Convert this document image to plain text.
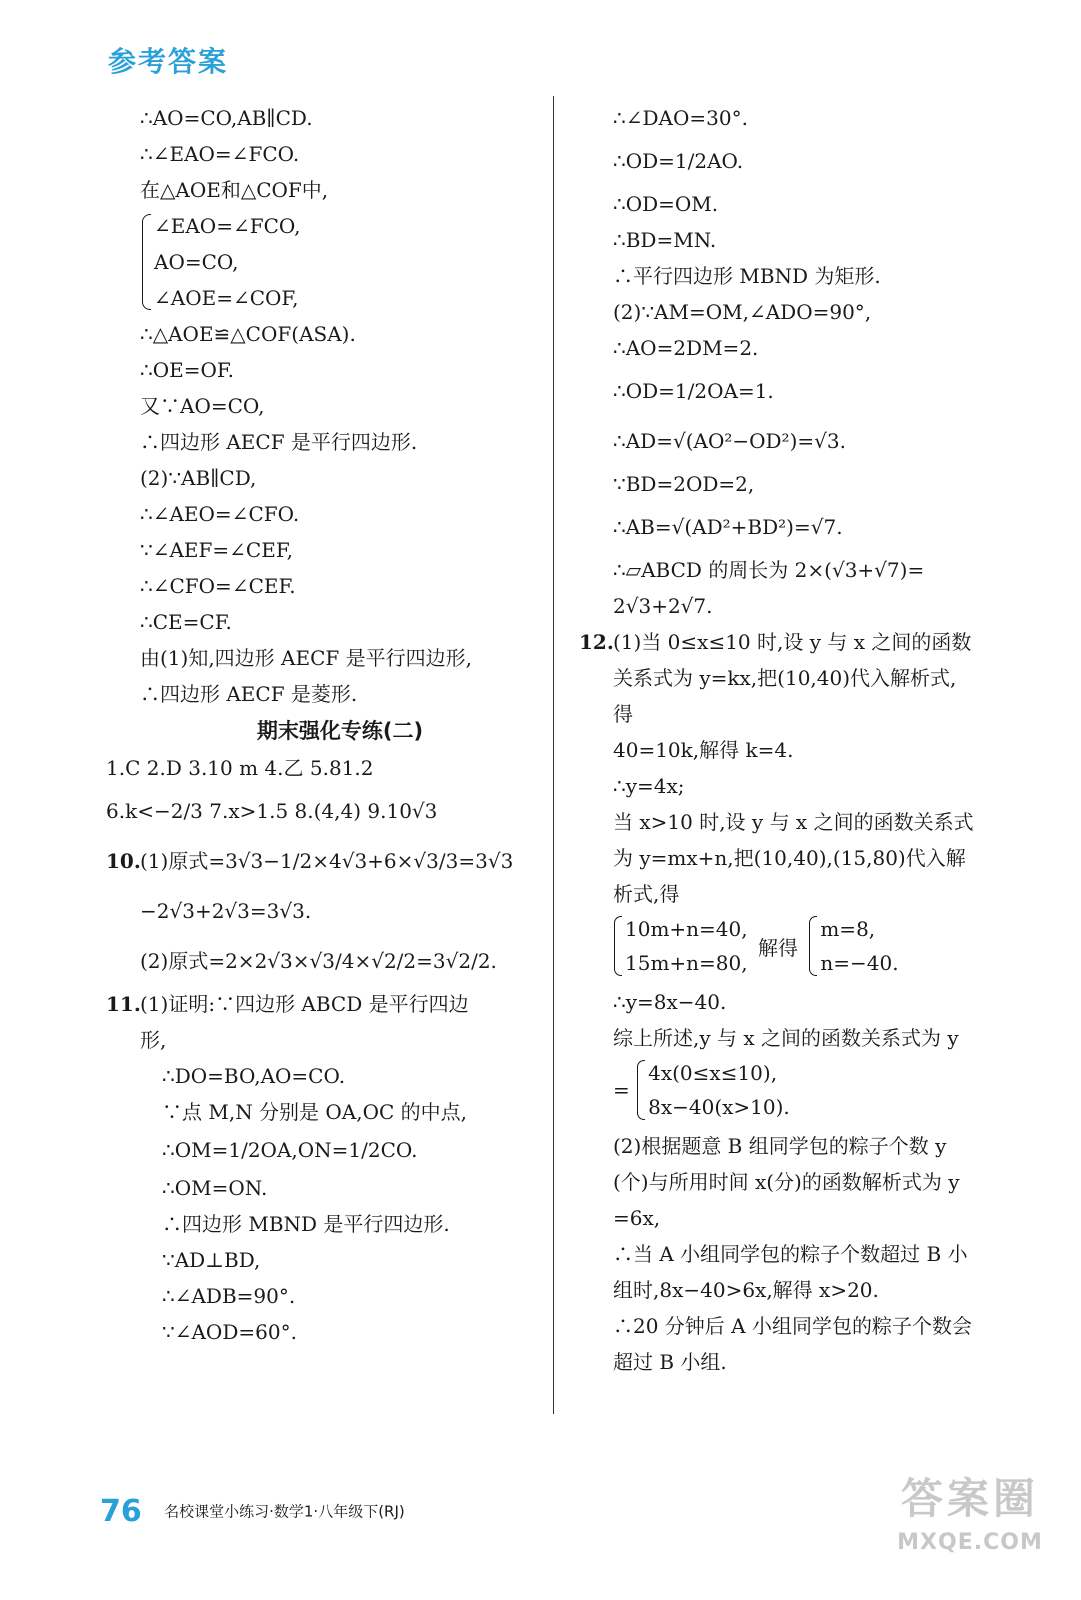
参考答案
∴AO=CO,AB∥CD.
∴∠EAO=∠FCO.
在△AOE和△COF中,
∠EAO=∠FCO,
AO=CO,
∠AOE=∠COF,
∴△AOE≌△COF(ASA).
∴OE=OF.
又∵AO=CO,
∴四边形 AECF 是平行四边形.
(2)∵AB∥CD,
∴∠AEO=∠CFO.
∵∠AEF=∠CEF,
∴∠CFO=∠CEF.
∴CE=CF.
由(1)知,四边形 AECF 是平行四边形,
∴四边形 AECF 是菱形.
期末强化专练(二)
1.C 2.D 3.10 m 4.乙 5.81.2
6.k<−2/3 7.x>1.5 8.(4,4) 9.10√3
10.(1)原式=3√3−1/2×4√3+6×√3/3=3√3
−2√3+2√3=3√3.
(2)原式=2×2√3×√3/4×√2/2=3√2/2.
11.(1)证明:∵四边形 ABCD 是平行四边
形,
∴DO=BO,AO=CO.
∵点 M,N 分别是 OA,OC 的中点,
∴OM=1/2OA,ON=1/2CO.
∴OM=ON.
∴四边形 MBND 是平行四边形.
∵AD⊥BD,
∴∠ADB=90°.
∵∠AOD=60°.
∴∠DAO=30°.
∴OD=1/2AO.
∴OD=OM.
∴BD=MN.
∴平行四边形 MBND 为矩形.
(2)∵AM=OM,∠ADO=90°,
∴AO=2DM=2.
∴OD=1/2OA=1.
∴AD=√(AO²−OD²)=√3.
∵BD=2OD=2,
∴AB=√(AD²+BD²)=√7.
∴▱ABCD 的周长为 2×(√3+√7)=
2√3+2√7.
12.(1)当 0≤x≤10 时,设 y 与 x 之间的函数
关系式为 y=kx,把(10,40)代入解析式,
得
40=10k,解得 k=4.
∴y=4x;
当 x>10 时,设 y 与 x 之间的函数关系式
为 y=mx+n,把(10,40),(15,80)代入解
析式,得
10m+n=40,
15m+n=80,
解得
m=8,
n=−40.
∴y=8x−40.
综上所述,y 与 x 之间的函数关系式为 y
=
4x(0≤x≤10),
8x−40(x>10).
(2)根据题意 B 组同学包的粽子个数 y
(个)与所用时间 x(分)的函数解析式为 y
=6x,
∴当 A 小组同学包的粽子个数超过 B 小
组时,8x−40>6x,解得 x>20.
∴20 分钟后 A 小组同学包的粽子个数会
超过 B 小组.
76 名校课堂小练习·数学1·八年级下(RJ)	答案圈
MXQE.COM
